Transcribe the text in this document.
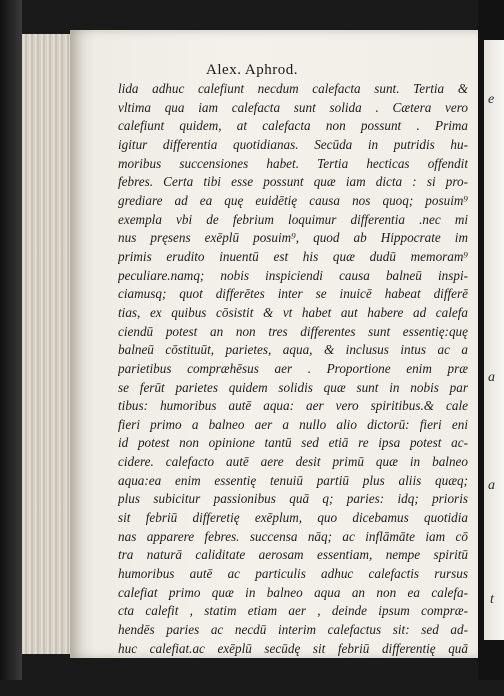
e
a
a
t
Alex. Aphrod.
lida adhuc calefiunt necdum calefacta sunt. Tertia &
vltima qua iam calefacta sunt solida . Cætera vero
calefiunt quidem, at calefacta non possunt . Prima
igitur differentia quotidianas. Secūda in putridis hu-
moribus succensiones habet. Tertia hecticas offendit
febres. Certa tibi esse possunt quæ iam dicta : si pro-
grediare ad ea quę euidētię causa nos quoq; posuim⁹
exempla vbi de febrium loquimur differentia .nec mi
nus pręsens exēplū posuim⁹, quod ab Hippocrate im
primis erudito inuentū est his quæ dudū memoram⁹
peculiare.namq; nobis inspiciendi causa balneū inspi-
ciamusq; quot differētes inter se inuicē habeat differē
tias, ex quibus cōsistit & vt habet aut habere ad calefa
ciendū potest an non tres differentes sunt essentię:quę
balneū cōstituūt, parietes, aqua, & inclusus intus ac a
parietibus compræhēsus aer . Proportione enim præ
se ferūt parietes quidem solidis quæ sunt in nobis par
tibus: humoribus autē aqua: aer vero spiritibus.& cale
fieri primo a balneo aer a nullo alio dictorū: fieri eni
id potest non opinione tantū sed etiā re ipsa potest ac-
cidere. calefacto autē aere desit primū quæ in balneo
aqua:ea enim essentię tenuiū partiū plus aliis quæq;
plus subicitur passionibus quā q; paries: idq; prioris
sit febriū differetię exēplum, quo dicebamus quotidia
nas apparere febres. succensa nāq; ac inflāmāte iam cō
tra naturā caliditate aerosam essentiam, nempe spiritū
humoribus autē ac particulis adhuc calefactis rursus
calefiat primo quæ in balneo aqua an non ea calefa-
cta calefit , statim etiam aer , deinde ipsum compræ-
hendēs paries ac necdū interim calefactus sit: sed ad-
huc calefiat.ac exēplū secūdę sit febriū differentię quā
dicebamus quæ putridis humoribus febres succendē
tur calescentibus quidē humoribus aliis adhuc calefa
